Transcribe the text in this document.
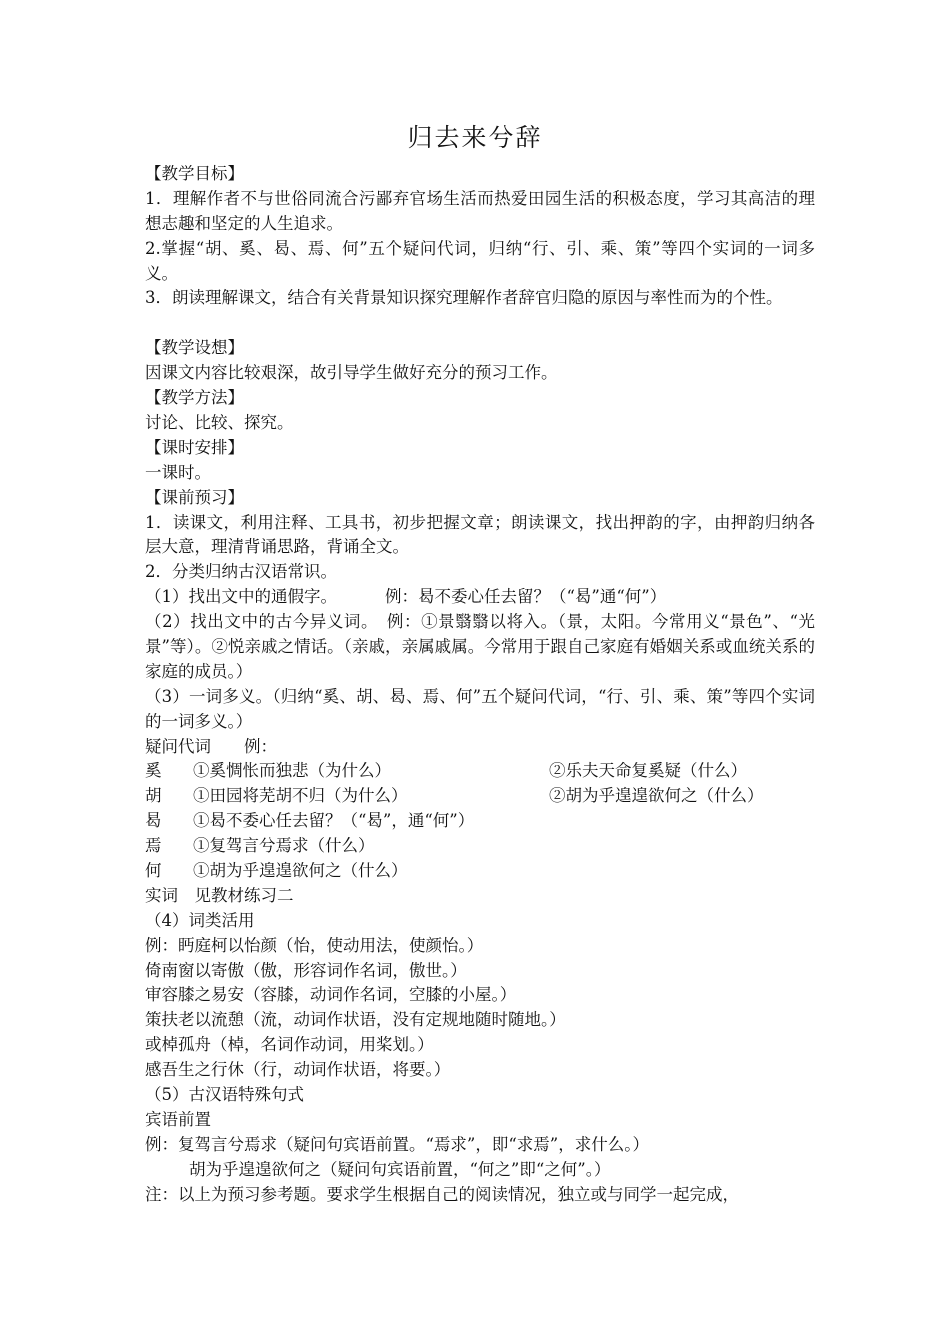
归去来兮辞
【教学目标】
1．理解作者不与世俗同流合污鄙弃官场生活而热爱田园生活的积极态度，学习其高洁的理想志趣和坚定的人生追求。
2.掌握“胡、奚、曷、焉、何”五个疑问代词，归纳“行、引、乘、策”等四个实词的一词多义。
3．朗读理解课文，结合有关背景知识探究理解作者辞官归隐的原因与率性而为的个性。
【教学设想】
因课文内容比较艰深，故引导学生做好充分的预习工作。
【教学方法】
讨论、比较、探究。
【课时安排】
一课时。
【课前预习】
1．读课文，利用注释、工具书，初步把握文章；朗读课文，找出押韵的字，由押韵归纳各层大意，理清背诵思路，背诵全文。
2．分类归纳古汉语常识。
（1）找出文中的通假字。	例：曷不委心任去留？（“曷”通“何”）
（2）找出文中的古今异义词。　例：①景翳翳以将入。（景，太阳。今常用义“景色”、“光景”等）。②悦亲戚之情话。（亲戚，亲属戚属。今常用于跟自己家庭有婚姻关系或血统关系的家庭的成员。）
（3）一词多义。（归纳“奚、胡、曷、焉、何”五个疑问代词，“行、引、乘、策”等四个实词的一词多义。）
疑问代词　　例：
奚	①奚惆怅而独悲（为什么）	②乐夫天命复奚疑（什么）
胡	①田园将芜胡不归（为什么）	②胡为乎遑遑欲何之（什么）
曷	①曷不委心任去留？（“曷”，通“何”）
焉	①复驾言兮焉求（什么）
何	①胡为乎遑遑欲何之（什么）
实词　见教材练习二
（4）词类活用
例：眄庭柯以怡颜（怡，使动用法，使颜怡。）
倚南窗以寄傲（傲，形容词作名词，傲世。）
审容膝之易安（容膝，动词作名词，空膝的小屋。）
策扶老以流憩（流，动词作状语，没有定规地随时随地。）
或棹孤舟（棹，名词作动词，用桨划。）
感吾生之行休（行，动词作状语，将要。）
（5）古汉语特殊句式
宾语前置
例：复驾言兮焉求（疑问句宾语前置。“焉求”，即“求焉”，求什么。）
胡为乎遑遑欲何之（疑问句宾语前置，“何之”即“之何”。）
注：以上为预习参考题。要求学生根据自己的阅读情况，独立或与同学一起完成，
